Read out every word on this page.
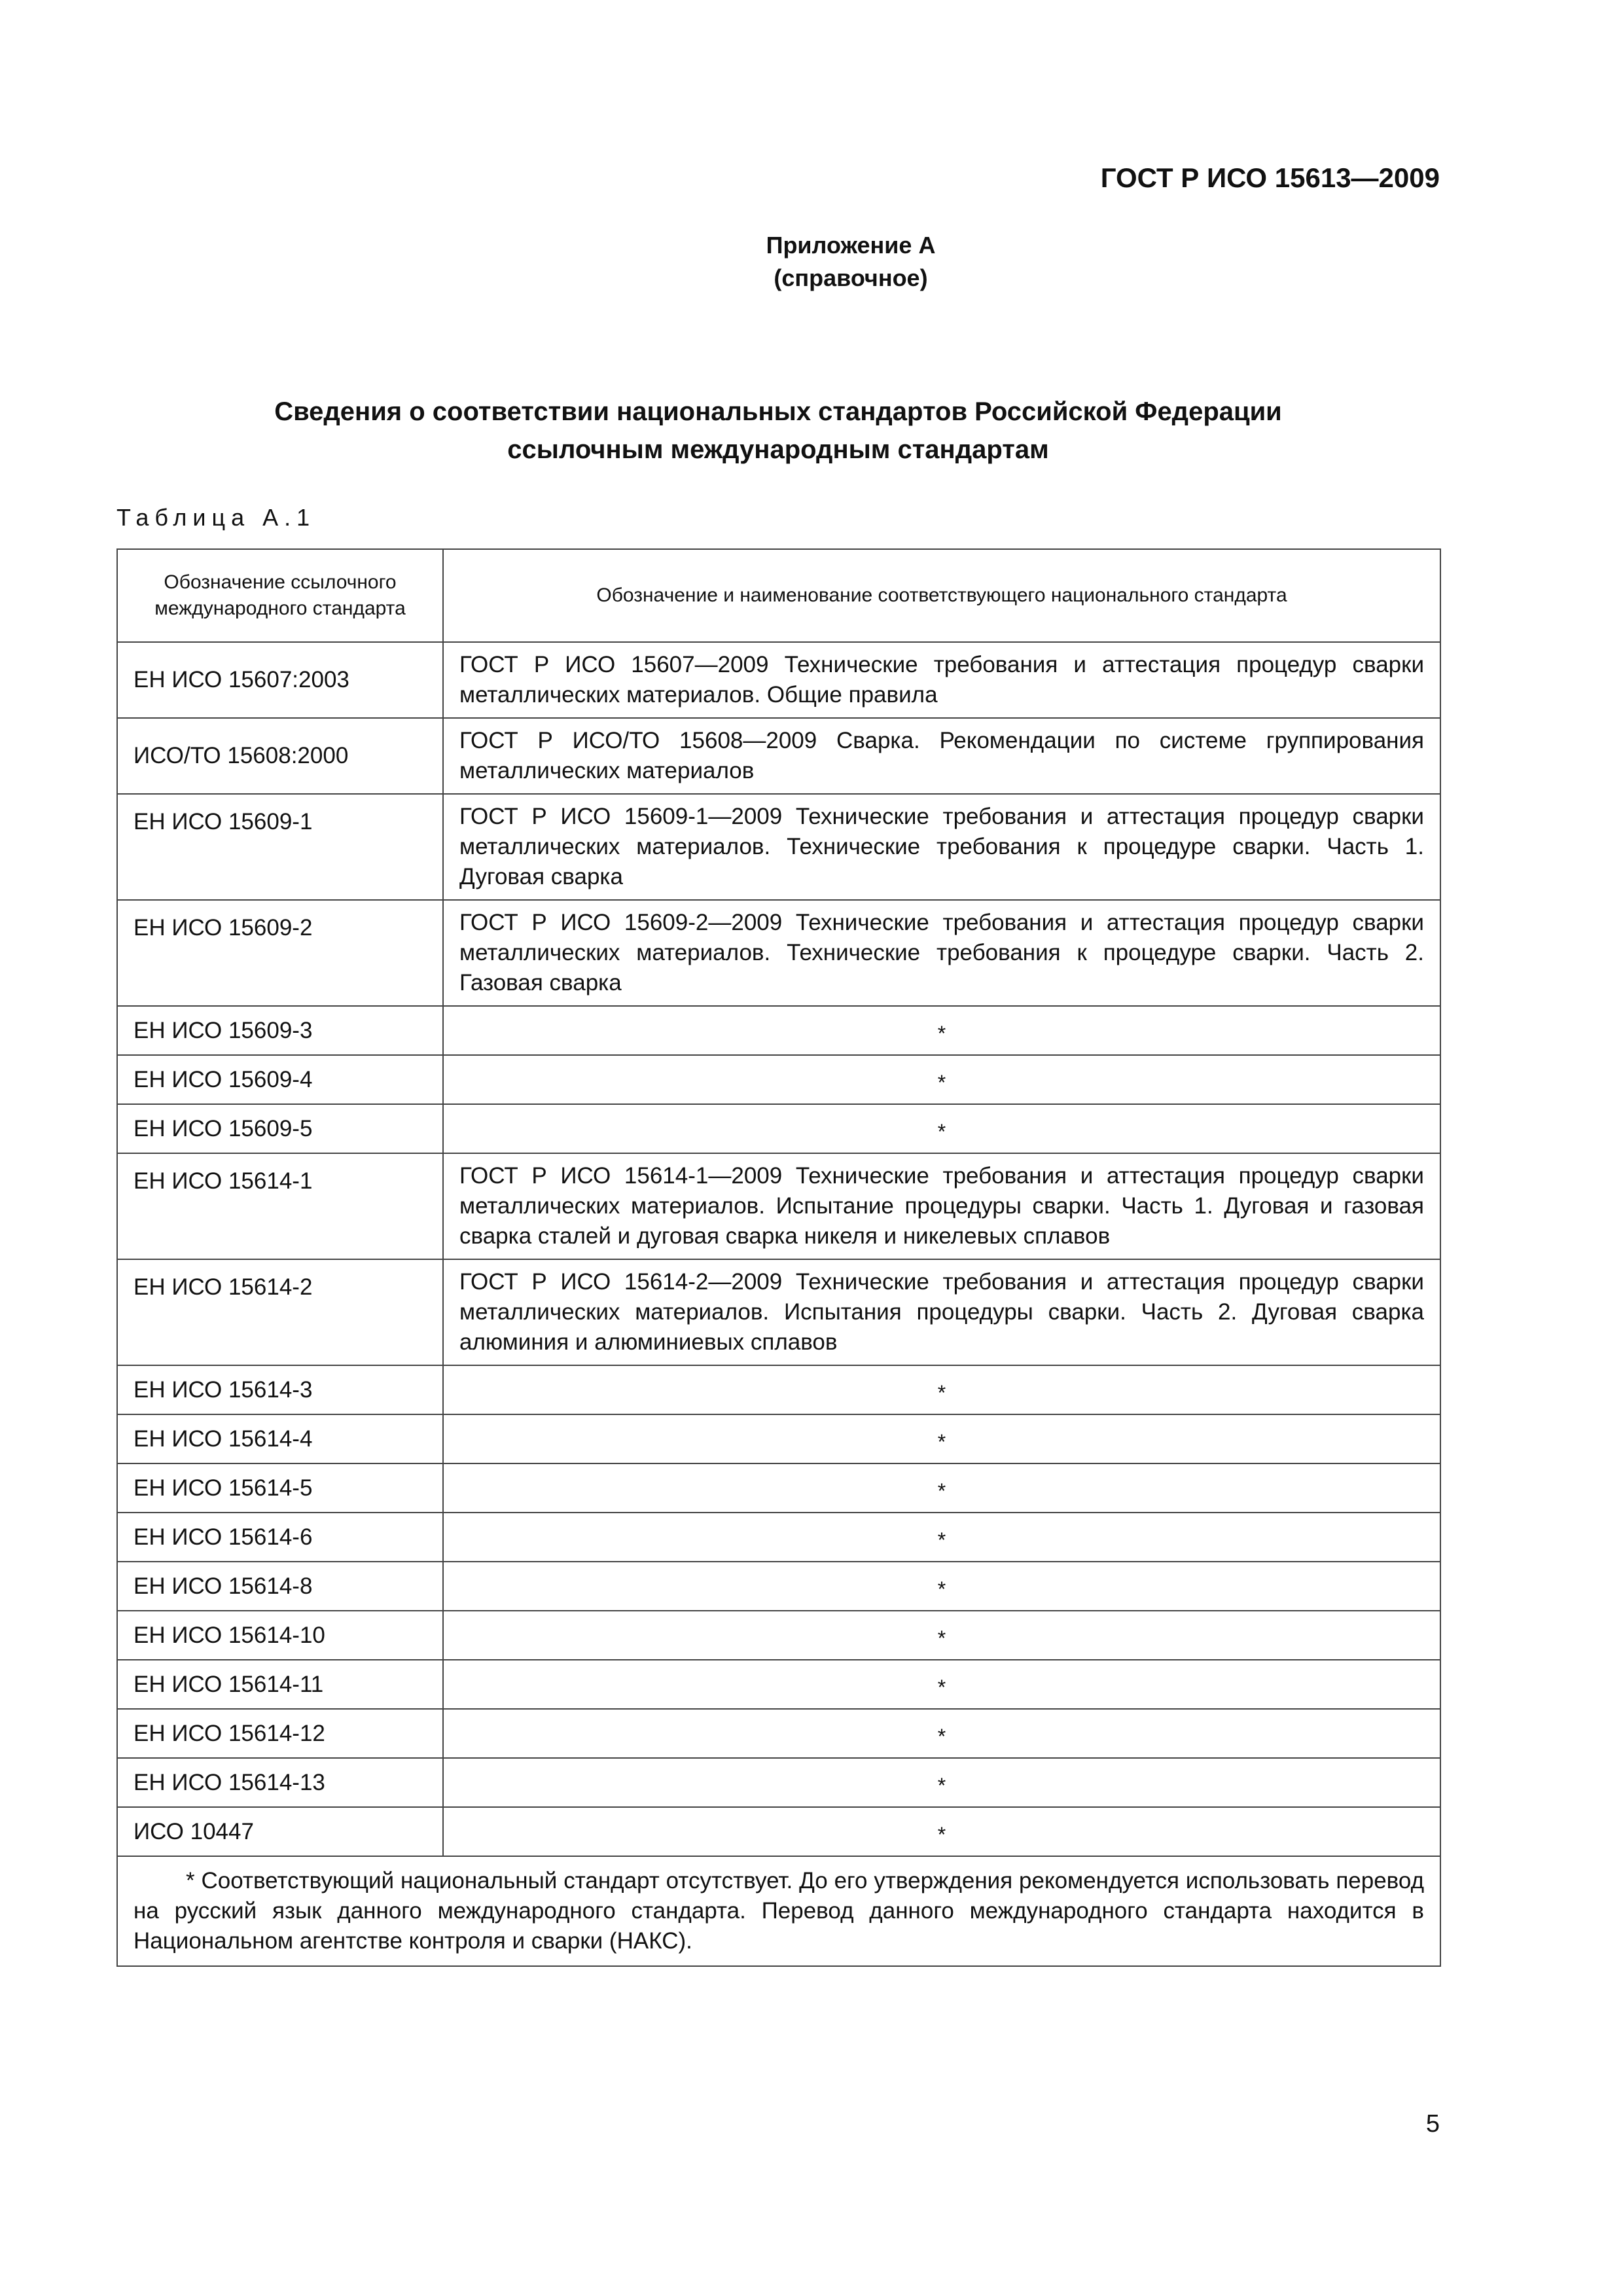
ГОСТ Р ИСО 15613—2009
Приложение А
(справочное)
Сведения о соответствии национальных стандартов Российской Федерации
ссылочным международным стандартам
Таблица А.1
Обозначение ссылочного международного стандарта	Обозначение и наименование соответствующего национального стандарта
ЕН ИСО 15607:2003	ГОСТ Р ИСО 15607—2009 Технические требования и аттестация процедур сварки металлических материалов. Общие правила
ИСО/ТО 15608:2000	ГОСТ Р ИСО/ТО 15608—2009 Сварка. Рекомендации по системе группирования металлических материалов
ЕН ИСО 15609-1	ГОСТ Р ИСО 15609-1—2009 Технические требования и аттестация процедур сварки металлических материалов. Технические требования к процедуре сварки. Часть 1. Дуговая сварка
ЕН ИСО 15609-2	ГОСТ Р ИСО 15609-2—2009 Технические требования и аттестация процедур сварки металлических материалов. Технические требования к процедуре сварки. Часть 2. Газовая сварка
ЕН ИСО 15609-3	*
ЕН ИСО 15609-4	*
ЕН ИСО 15609-5	*
ЕН ИСО 15614-1	ГОСТ Р ИСО 15614-1—2009 Технические требования и аттестация процедур сварки металлических материалов. Испытание процедуры сварки. Часть 1. Дуговая и газовая сварка сталей и дуговая сварка никеля и никелевых сплавов
ЕН ИСО 15614-2	ГОСТ Р ИСО 15614-2—2009 Технические требования и аттестация процедур сварки металлических материалов. Испытания процедуры сварки. Часть 2. Дуговая сварка алюминия и алюминиевых сплавов
ЕН ИСО 15614-3	*
ЕН ИСО 15614-4	*
ЕН ИСО 15614-5	*
ЕН ИСО 15614-6	*
ЕН ИСО 15614-8	*
ЕН ИСО 15614-10	*
ЕН ИСО 15614-11	*
ЕН ИСО 15614-12	*
ЕН ИСО 15614-13	*
ИСО 10447	*
* Соответствующий национальный стандарт отсутствует. До его утверждения рекомендуется использовать перевод на русский язык данного международного стандарта. Перевод данного международного стандарта находится в Национальном агентстве контроля и сварки (НАКС).	
5
